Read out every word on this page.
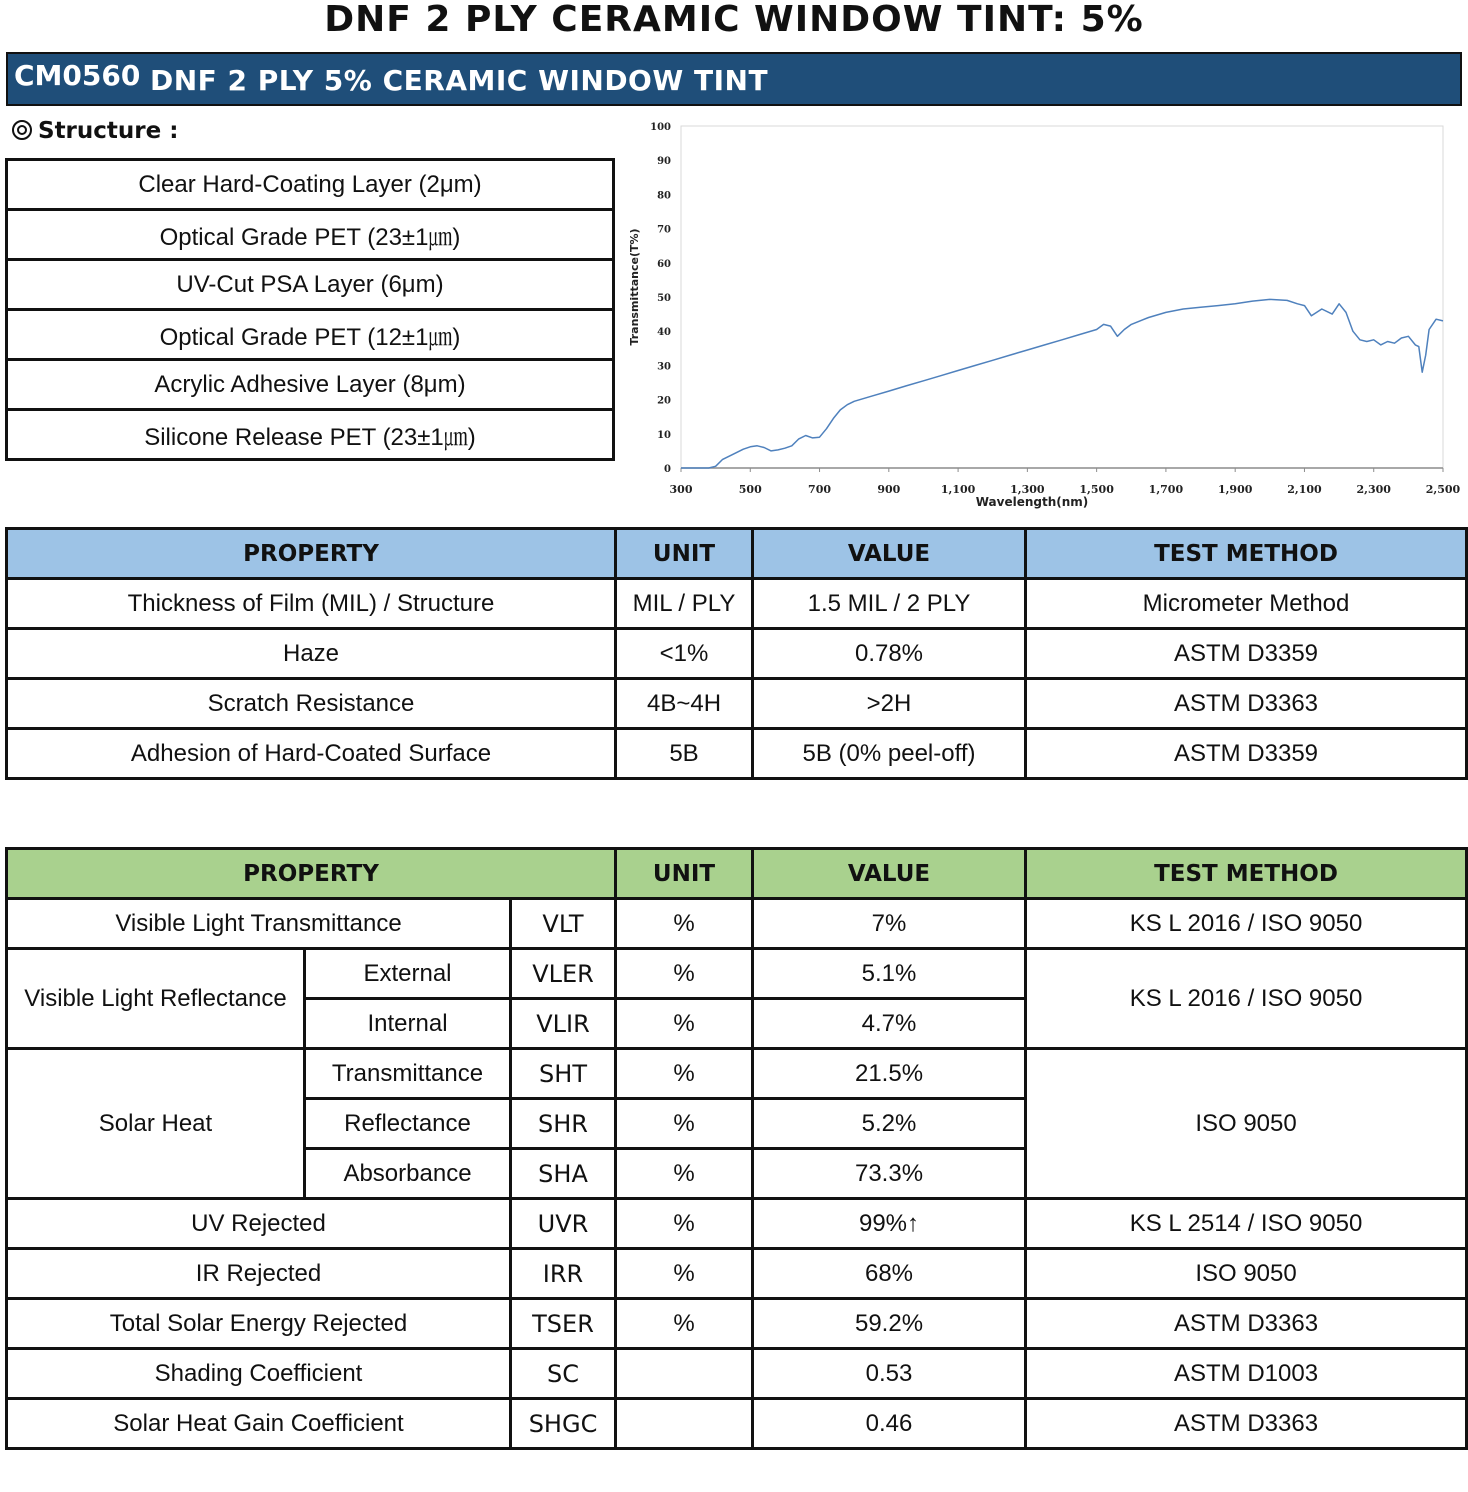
DNF 2 PLY CERAMIC WINDOW TINT: 5%
CM0560 :
DNF 2 PLY 5% CERAMIC WINDOW TINT
Structure :
Clear Hard-Coating Layer (2μm)
Optical Grade PET (23±1㎛)
UV-Cut PSA Layer (6μm)
Optical Grade PET (12±1㎛)
Acrylic Adhesive Layer (8μm)
Silicone Release PET (23±1㎛)
300	500	700	900	1,100	1,300	1,500	1,700	1,900	2,100	2,300	2,500
0
10
20
30
40
50
60
70
80
90
100
Wavelength(nm)
Transmittance(T%)
PROPERTY	UNIT	VALUE	TEST METHOD
Thickness of Film (MIL) / Structure	MIL / PLY	1.5 MIL / 2 PLY	Micrometer Method
Haze	<1%	0.78%	ASTM D3359
Scratch Resistance	4B~4H	>2H	ASTM D3363
Adhesion of Hard-Coated Surface	5B	5B (0% peel-off)	ASTM D3359
PROPERTY			UNIT	VALUE	TEST METHOD
Visible Light Transmittance		VLT	%	7%	KS L 2016 / ISO 9050
Visible Light Reflectance	External	VLER	%	5.1%	KS L 2016 / ISO 9050
	Internal	VLIR	%	4.7%	
Solar Heat	Transmittance	SHT	%	21.5%	ISO 9050
	Reflectance	SHR	%	5.2%	
	Absorbance	SHA	%	73.3%	
UV Rejected		UVR	%	99%↑	KS L 2514 / ISO 9050
IR Rejected		IRR	%	68%	ISO 9050
Total Solar Energy Rejected		TSER	%	59.2%	ASTM D3363
Shading Coefficient		SC		0.53	ASTM D1003
Solar Heat Gain Coefficient		SHGC		0.46	ASTM D3363
